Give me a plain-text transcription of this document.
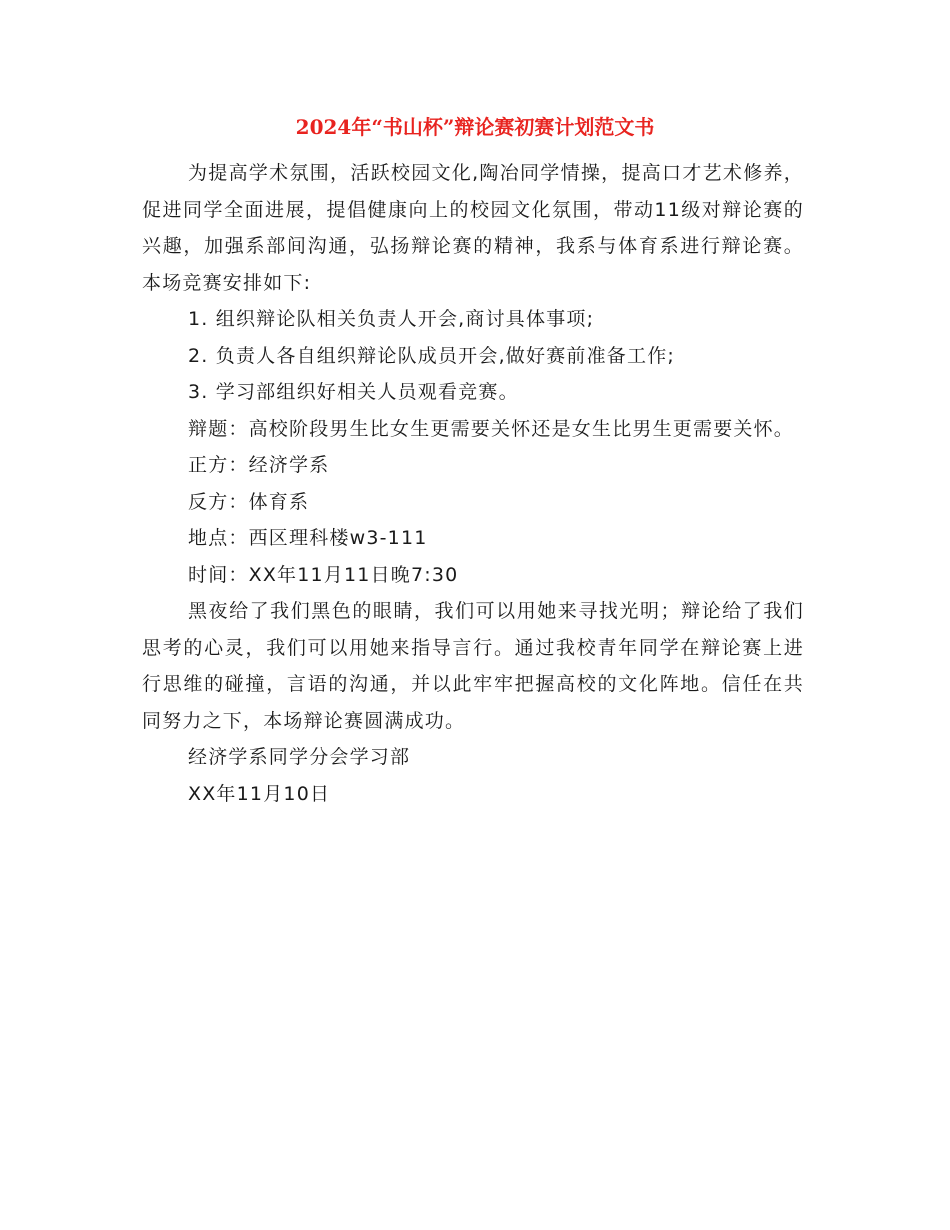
2024年“书山杯”辩论赛初赛计划范文书

为提高学术氛围，活跃校园文化,陶冶同学情操，提高口才艺术修养，促进同学全面进展，提倡健康向上的校园文化氛围，带动11级对辩论赛的兴趣，加强系部间沟通，弘扬辩论赛的精神，我系与体育系进行辩论赛。本场竞赛安排如下:

1. 组织辩论队相关负责人开会,商讨具体事项;

2. 负责人各自组织辩论队成员开会,做好赛前准备工作;

3. 学习部组织好相关人员观看竞赛。

辩题：高校阶段男生比女生更需要关怀还是女生比男生更需要关怀。

正方：经济学系

反方：体育系

地点：西区理科楼w3-111

时间：XX年11月11日晚7:30

黑夜给了我们黑色的眼睛，我们可以用她来寻找光明；辩论给了我们思考的心灵，我们可以用她来指导言行。通过我校青年同学在辩论赛上进行思维的碰撞，言语的沟通，并以此牢牢把握高校的文化阵地。信任在共同努力之下，本场辩论赛圆满成功。

经济学系同学分会学习部

XX年11月10日
